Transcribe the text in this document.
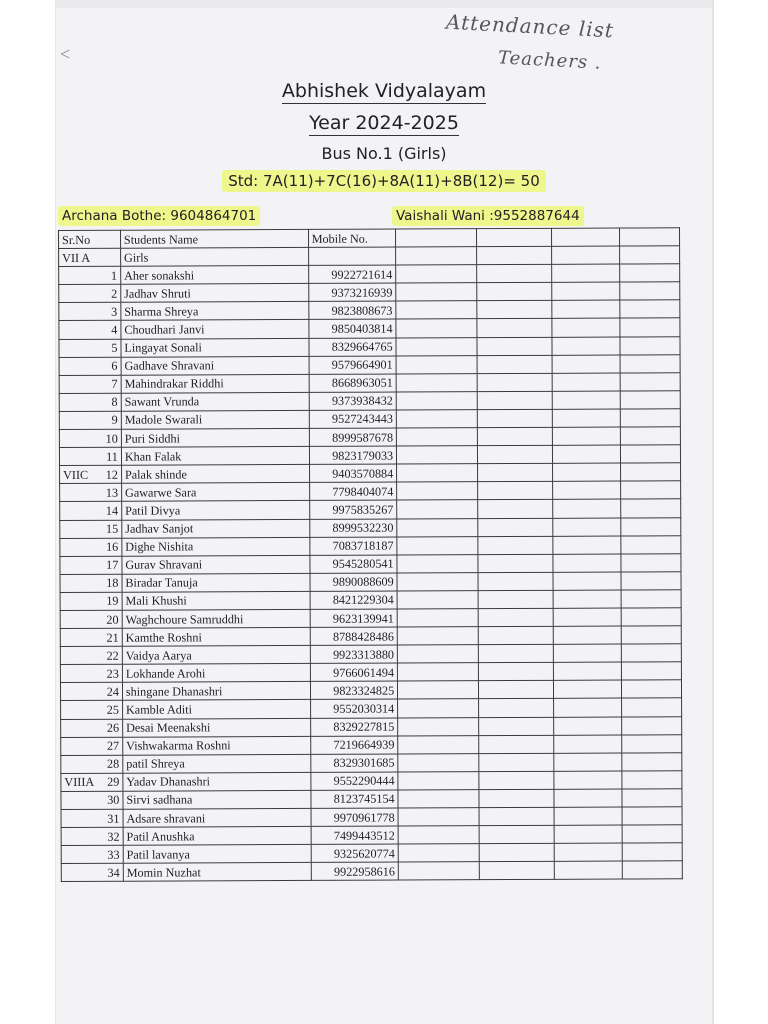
<
Attendance list
Teachers .
Abhishek Vidyalayam
Year 2024-2025
Bus No.1 (Girls)
Std: 7A(11)+7C(16)+8A(11)+8B(12)= 50
Archana Bothe: 9604864701	Vaishali Wani :9552887644
Sr.No	Students Name	Mobile No.				
VII A	Girls					
1	Aher sonakshi	9922721614				
2	Jadhav Shruti	9373216939				
3	Sharma Shreya	9823808673				
4	Choudhari Janvi	9850403814				
5	Lingayat Sonali	8329664765				
6	Gadhave Shravani	9579664901				
7	Mahindrakar Riddhi	8668963051				
8	Sawant Vrunda	9373938432				
9	Madole Swarali	9527243443				
10	Puri Siddhi	8999587678				
11	Khan Falak	9823179033				
VIIC 12	Palak shinde	9403570884				
13	Gawarwe Sara	7798404074				
14	Patil Divya	9975835267				
15	Jadhav Sanjot	8999532230				
16	Dighe Nishita	7083718187				
17	Gurav Shravani	9545280541				
18	Biradar Tanuja	9890088609				
19	Mali Khushi	8421229304				
20	Waghchoure Samruddhi	9623139941				
21	Kamthe Roshni	8788428486				
22	Vaidya Aarya	9923313880				
23	Lokhande Arohi	9766061494				
24	shingane Dhanashri	9823324825				
25	Kamble Aditi	9552030314				
26	Desai Meenakshi	8329227815				
27	Vishwakarma Roshni	7219664939				
28	patil Shreya	8329301685				
VIIIA 29	Yadav Dhanashri	9552290444				
30	Sirvi sadhana	8123745154				
31	Adsare shravani	9970961778				
32	Patil Anushka	7499443512				
33	Patil lavanya	9325620774				
34	Momin Nuzhat	9922958616				
